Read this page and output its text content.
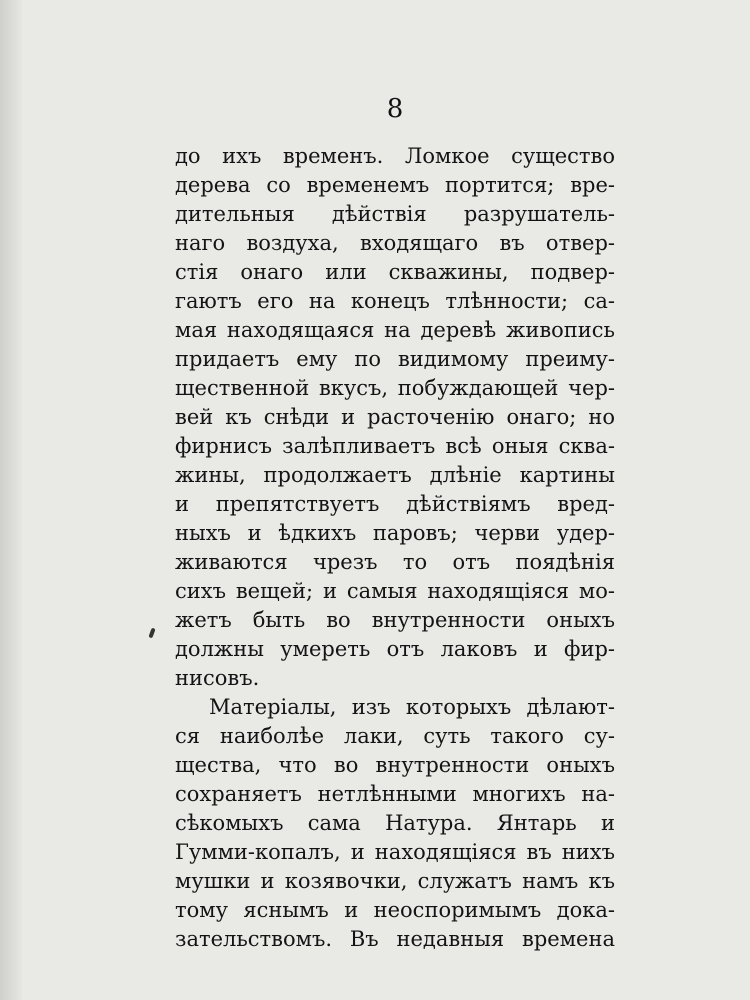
8
до ихъ временъ. Ломкое существо
дерева со временемъ портится; вре-
дительныя дѣйствія разрушатель-
наго воздуха, входящаго въ отвер-
стія онаго или скважины, подвер-
гаютъ его на конецъ тлѣнности; са-
мая находящаяся на деревѣ живопись
придаетъ ему по видимому преиму-
щественной вкусъ, побуждающей чер-
вей къ снѣди и расточенію онаго; но
фирнисъ залѣпливаетъ всѣ оныя сква-
жины, продолжаетъ длѣніе картины
и препятствуетъ дѣйствіямъ вред-
ныхъ и ѣдкихъ паровъ; черви удер-
живаются чрезъ то отъ поядѣнія
сихъ вещей; и самыя находящіяся мо-
жетъ быть во внутренности оныхъ
должны умереть отъ лаковъ и фир-
нисовъ.
Матеріалы, изъ которыхъ дѣлают-
ся наиболѣе лаки, суть такого су-
щества, что во внутренности оныхъ
сохраняетъ нетлѣнными многихъ на-
сѣкомыхъ сама Натура. Янтарь и
Гумми-копалъ, и находящіяся въ нихъ
мушки и козявочки, служатъ намъ къ
тому яснымъ и неоспоримымъ дока-
зательствомъ. Въ недавныя времена
